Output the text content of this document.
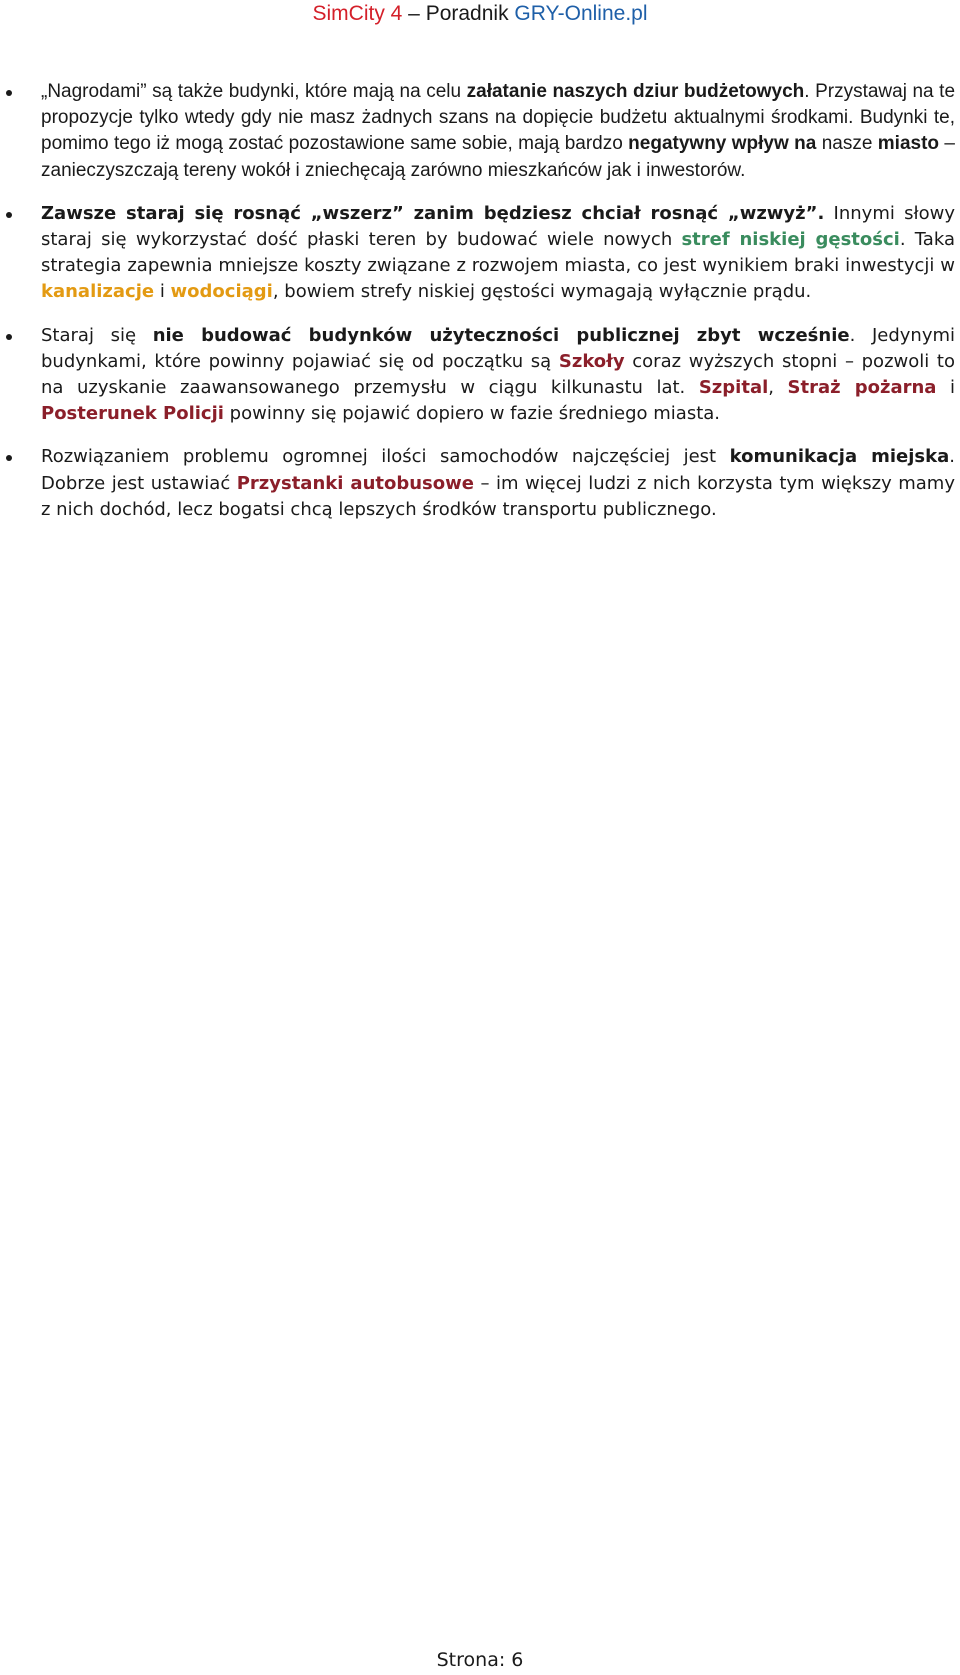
SimCity 4 – Poradnik GRY-Online.pl
„Nagrodami” są także budynki, które mają na celu załatanie naszych dziur budżetowych. Przystawaj na te propozycje tylko wtedy gdy nie masz żadnych szans na dopięcie budżetu aktualnymi środkami. Budynki te, pomimo tego iż mogą zostać pozostawione same sobie, mają bardzo negatywny wpływ na nasze miasto – zanieczyszczają tereny wokół i zniechęcają zarówno mieszkańców jak i inwestorów.
Zawsze staraj się rosnąć „wszerz” zanim będziesz chciał rosnąć „wzwyż”. Innymi słowy staraj się wykorzystać dość płaski teren by budować wiele nowych stref niskiej gęstości. Taka strategia zapewnia mniejsze koszty związane z rozwojem miasta, co jest wynikiem braki inwestycji w kanalizacje i wodociągi, bowiem strefy niskiej gęstości wymagają wyłącznie prądu.
Staraj się nie budować budynków użyteczności publicznej zbyt wcześnie. Jedynymi budynkami, które powinny pojawiać się od początku są Szkoły coraz wyższych stopni – pozwoli to na uzyskanie zaawansowanego przemysłu w ciągu kilkunastu lat. Szpital, Straż pożarna i Posterunek Policji powinny się pojawić dopiero w fazie średniego miasta.
Rozwiązaniem problemu ogromnej ilości samochodów najczęściej jest komunikacja miejska. Dobrze jest ustawiać Przystanki autobusowe – im więcej ludzi z nich korzysta tym większy mamy z nich dochód, lecz bogatsi chcą lepszych środków transportu publicznego.
Strona: 6
